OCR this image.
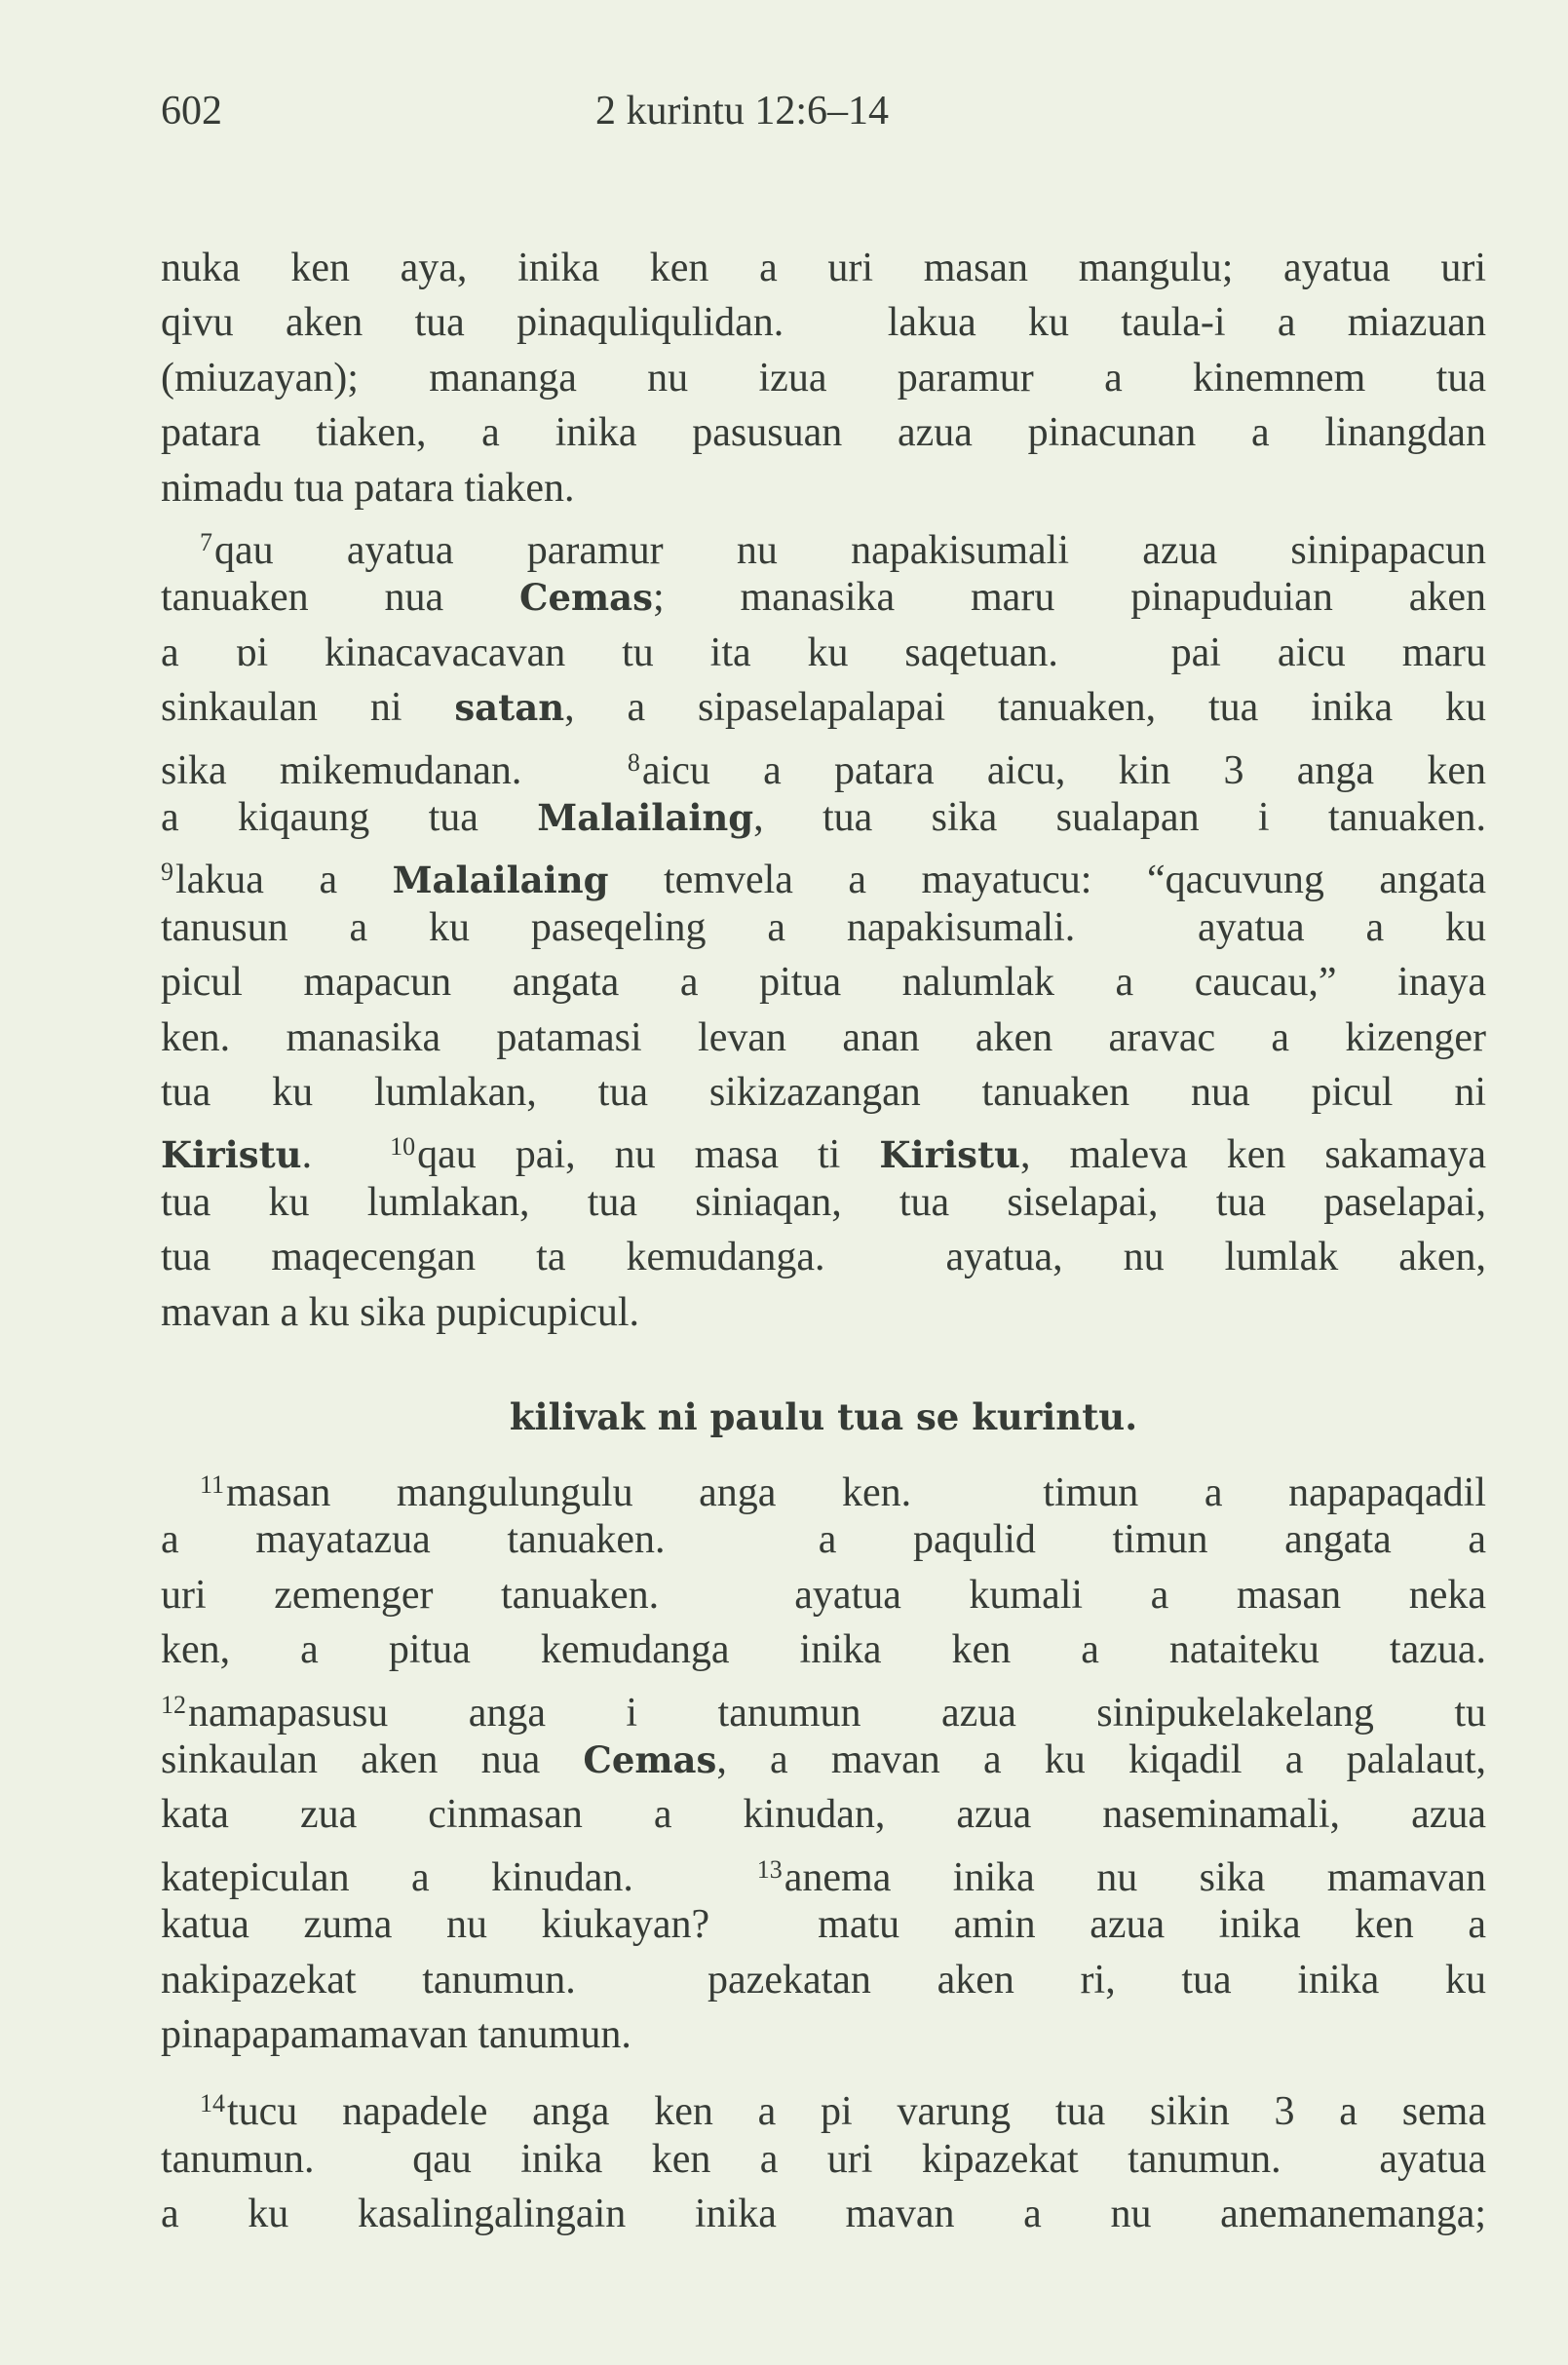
602	2 kurintu 12:6–14
nuka ken aya, inika ken a uri masan mangulu; ayatua uri
qivu aken tua pinaquliqulidan.  lakua ku taula-i a miazuan
(miuzayan); mananga nu izua paramur a kinemnem tua
patara tiaken, a inika pasusuan azua pinacunan a linangdan
nimadu tua patara tiaken.
$^7$qau ayatua paramur nu napakisumali azua sinipapacun
tanuaken nua Cemas; manasika maru pinapuduian aken
a ɒi kinacavacavan tu ita ku saqetuan.  pai aicu maru
sinkaulan ni satan, a sipaselapalapai tanuaken, tua inika ku
sika mikemudanan.  $^8$aicu a patara aicu, kin 3 anga ken
a kiqaung tua Malailaing, tua sika sualapan i tanuaken.
$^9$lakua a Malailaing temvela a mayatucu: “qacuvung angata
tanusun a ku paseqeling a napakisumali.  ayatua a ku
picul mapacun angata a pitua nalumlak a caucau,” inaya
ken. manasika patamasi levan anan aken aravac a kizenger
tua ku lumlakan, tua sikizazangan tanuaken nua picul ni
Kiristu.  $^{10}$qau pai, nu masa ti Kiristu, maleva ken sakamaya
tua ku lumlakan, tua siniaqan, tua siselapai, tua paselapai,
tua maqecengan ta kemudanga.  ayatua, nu lumlak aken,
mavan a ku sika pupicupicul.
$^{11}$masan mangulungulu anga ken.  timun a napapaqadil
a mayatazua tanuaken.  a paqulid timun angata a
uri zemenger tanuaken.  ayatua kumali a masan neka
ken, a pitua kemudanga inika ken a nataiteku tazua.
$^{12}$namapasusu anga i tanumun azua sinipukelakelang tu
sinkaulan aken nua Cemas, a mavan a ku kiqadil a palalaut,
kata zua cinmasan a kinudan, azua naseminamali, azua
katepiculan a kinudan.  $^{13}$anema inika nu sika mamavan
katua zuma nu kiukayan?  matu amin azua inika ken a
nakipazekat tanumun.  pazekatan aken ri, tua inika ku
pinapapamamavan tanumun.
$^{14}$tucu napadele anga ken a pi varung tua sikin 3 a sema
tanumun.  qau inika ken a uri kipazekat tanumun.  ayatua
a ku kasalingalingain inika mavan a nu anemanemanga;
kilivak ni paulu tua se kurintu.
